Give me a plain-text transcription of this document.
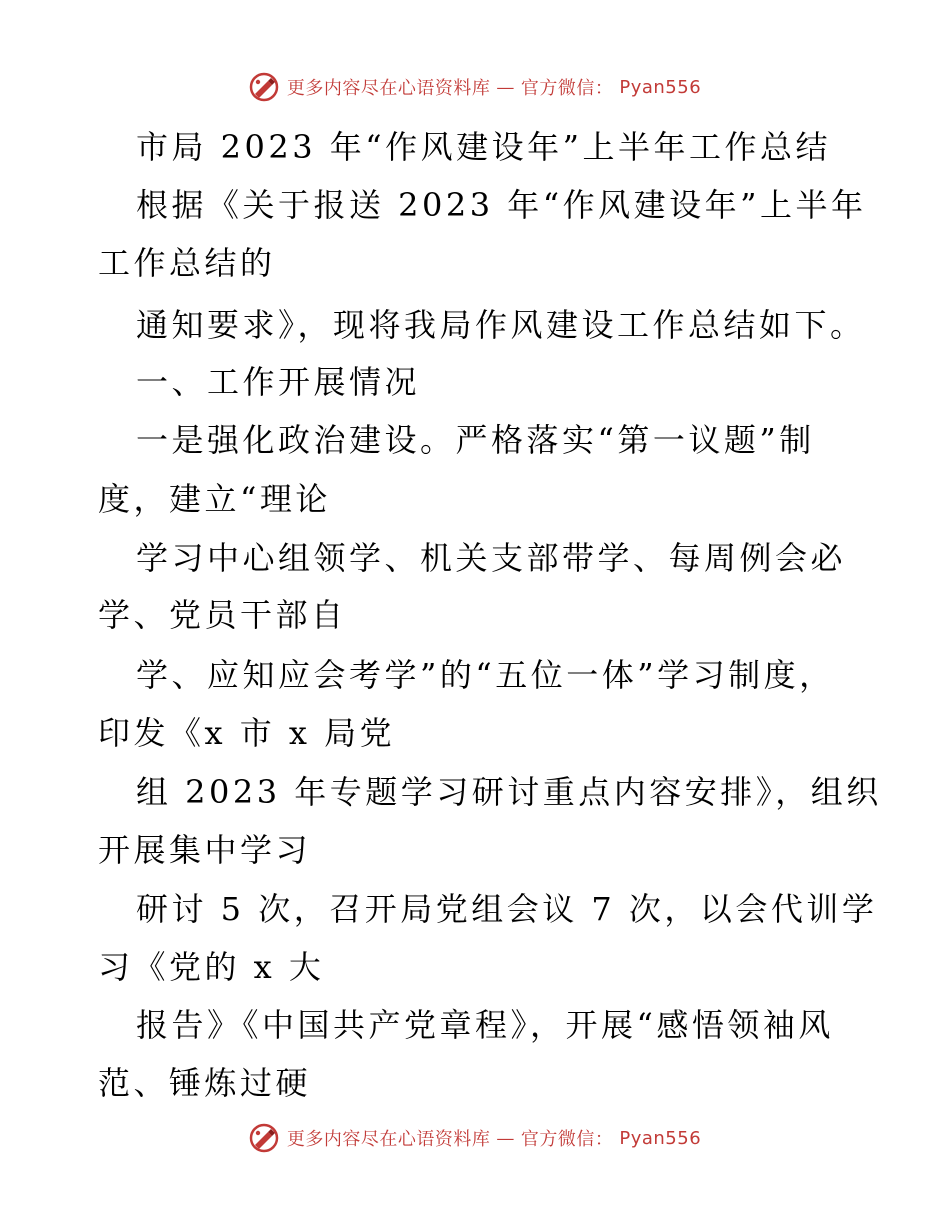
更多内容尽在心语资料库 — 官方微信： Pyan556
市局 2023 年“作风建设年”上半年工作总结
根据《关于报送 2023 年“作风建设年”上半年
工作总结的
通知要求》，现将我局作风建设工作总结如下。
一、工作开展情况
一是强化政治建设。严格落实“第一议题”制
度，建立“理论
学习中心组领学、机关支部带学、每周例会必
学、党员干部自
学、应知应会考学”的“五位一体”学习制度，
印发《x 市 x 局党
组 2023 年专题学习研讨重点内容安排》，组织
开展集中学习
研讨 5 次，召开局党组会议 7 次，以会代训学
习《党的 x 大
报告》《中国共产党章程》，开展“感悟领袖风
范、锤炼过硬
更多内容尽在心语资料库 — 官方微信： Pyan556
